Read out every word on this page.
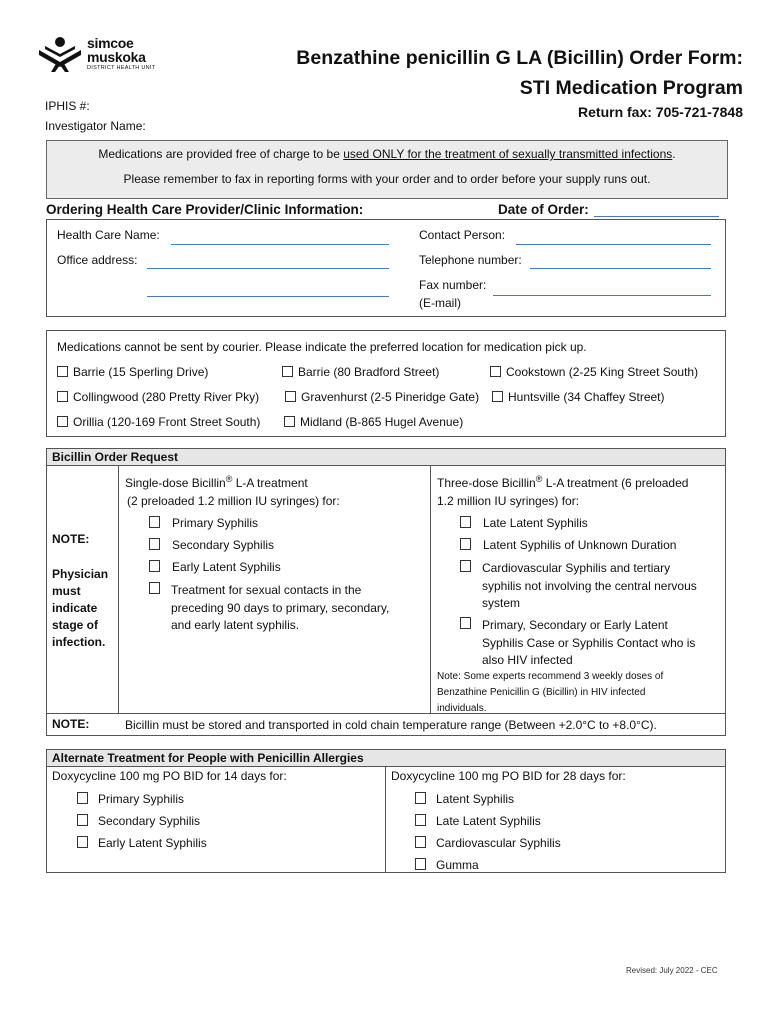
simcoe
muskoka
DISTRICT HEALTH UNIT	Benzathine penicillin G LA (Bicillin) Order Form:
STI Medication Program
Return fax: 705-721-7848
IPHIS #:
Investigator Name:
Medications are provided free of charge to be used ONLY for the treatment of sexually transmitted infections.
Please remember to fax in reporting forms with your order and to order before your supply runs out.
Ordering Health Care Provider/Clinic Information:	Date of Order:
Health Care Name:	Contact Person:
Office address:	Telephone number:
Fax number:
(E-mail)
Medications cannot be sent by courier. Please indicate the preferred location for medication pick up.
Barrie (15 Sperling Drive)	Barrie (80 Bradford Street)	Cookstown (2-25 King Street South)
Collingwood (280 Pretty River Pky)	Gravenhurst (2-5 Pineridge Gate)	Huntsville (34 Chaffey Street)
Orillia (120-169 Front Street South)	Midland (B-865 Hugel Avenue)
Bicillin Order Request
NOTE:
Physician
must
indicate
stage of
infection.
Single-dose Bicillin® L-A treatment
(2 preloaded 1.2 million IU syringes) for:
Primary Syphilis
Secondary Syphilis
Early Latent Syphilis
Treatment for sexual contacts in the
preceding 90 days to primary, secondary,
and early latent syphilis.
Three-dose Bicillin® L-A treatment (6 preloaded
1.2 million IU syringes) for:
Late Latent Syphilis
Latent Syphilis of Unknown Duration
Cardiovascular Syphilis and tertiary
syphilis not involving the central nervous
system
Primary, Secondary or Early Latent
Syphilis Case or Syphilis Contact who is
also HIV infected
Note: Some experts recommend 3 weekly doses of
Benzathine Penicillin G (Bicillin) in HIV infected
individuals.
NOTE:	Bicillin must be stored and transported in cold chain temperature range (Between +2.0°C to +8.0°C).
Alternate Treatment for People with Penicillin Allergies
Doxycycline 100 mg PO BID for 14 days for:
Primary Syphilis
Secondary Syphilis
Early Latent Syphilis
Doxycycline 100 mg PO BID for 28 days for:
Latent Syphilis
Late Latent Syphilis
Cardiovascular Syphilis
Gumma
Revised: July 2022 - CEC
